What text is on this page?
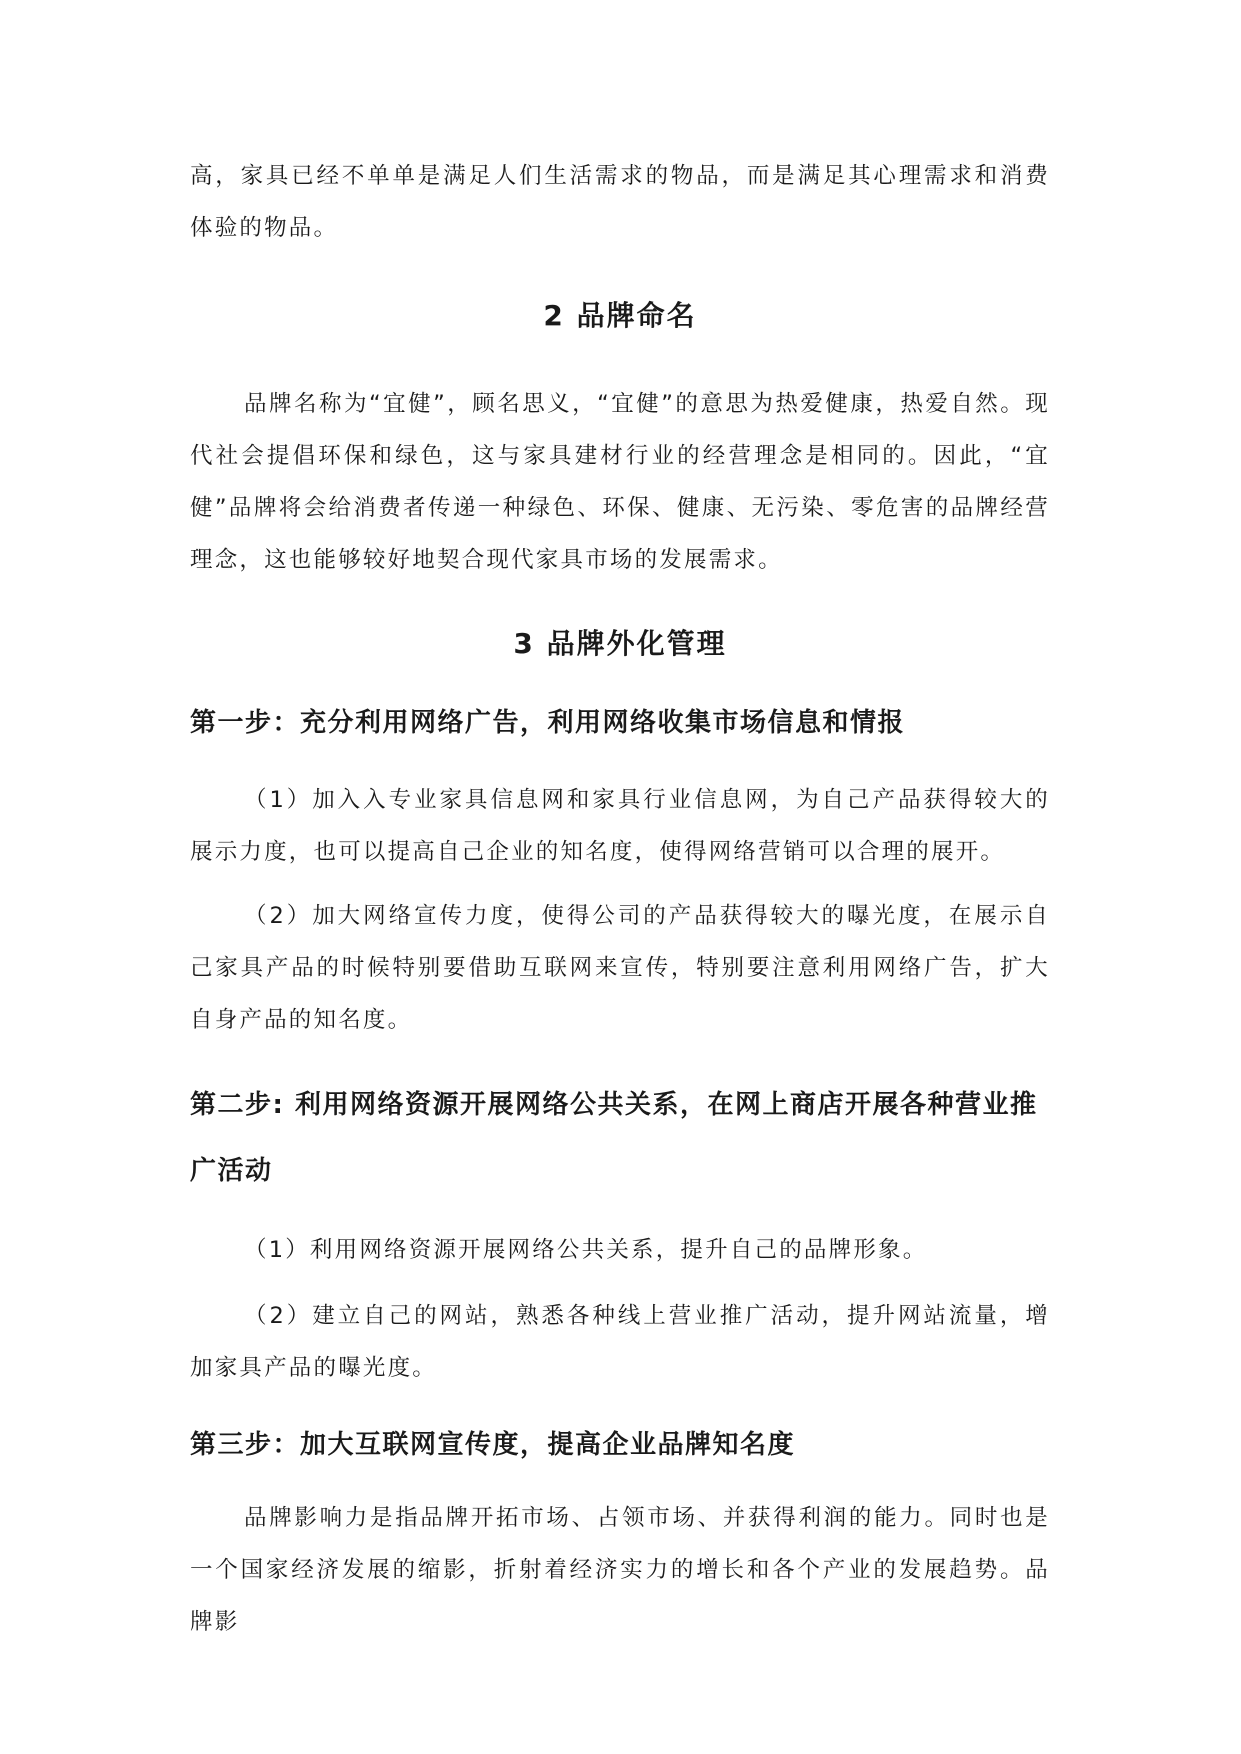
高，家具已经不单单是满足人们生活需求的物品，而是满足其心理需求和消费体验的物品。

2 品牌命名

品牌名称为“宜健”，顾名思义，“宜健”的意思为热爱健康，热爱自然。现代社会提倡环保和绿色，这与家具建材行业的经营理念是相同的。因此，“宜健”品牌将会给消费者传递一种绿色、环保、健康、无污染、零危害的品牌经营理念，这也能够较好地契合现代家具市场的发展需求。

3 品牌外化管理
第一步：充分利用网络广告，利用网络收集市场信息和情报

（1）加入入专业家具信息网和家具行业信息网，为自己产品获得较大的展示力度，也可以提高自己企业的知名度，使得网络营销可以合理的展开。

（2）加大网络宣传力度，使得公司的产品获得较大的曝光度，在展示自己家具产品的时候特别要借助互联网来宣传，特别要注意利用网络广告，扩大自身产品的知名度。

第二步: 利用网络资源开展网络公共关系，在网上商店开展各种营业推广活动

（1）利用网络资源开展网络公共关系，提升自己的品牌形象。

（2）建立自己的网站，熟悉各种线上营业推广活动，提升网站流量，增加家具产品的曝光度。

第三步：加大互联网宣传度，提高企业品牌知名度

品牌影响力是指品牌开拓市场、占领市场、并获得利润的能力。同时也是一个国家经济发展的缩影，折射着经济实力的增长和各个产业的发展趋势。品牌影
